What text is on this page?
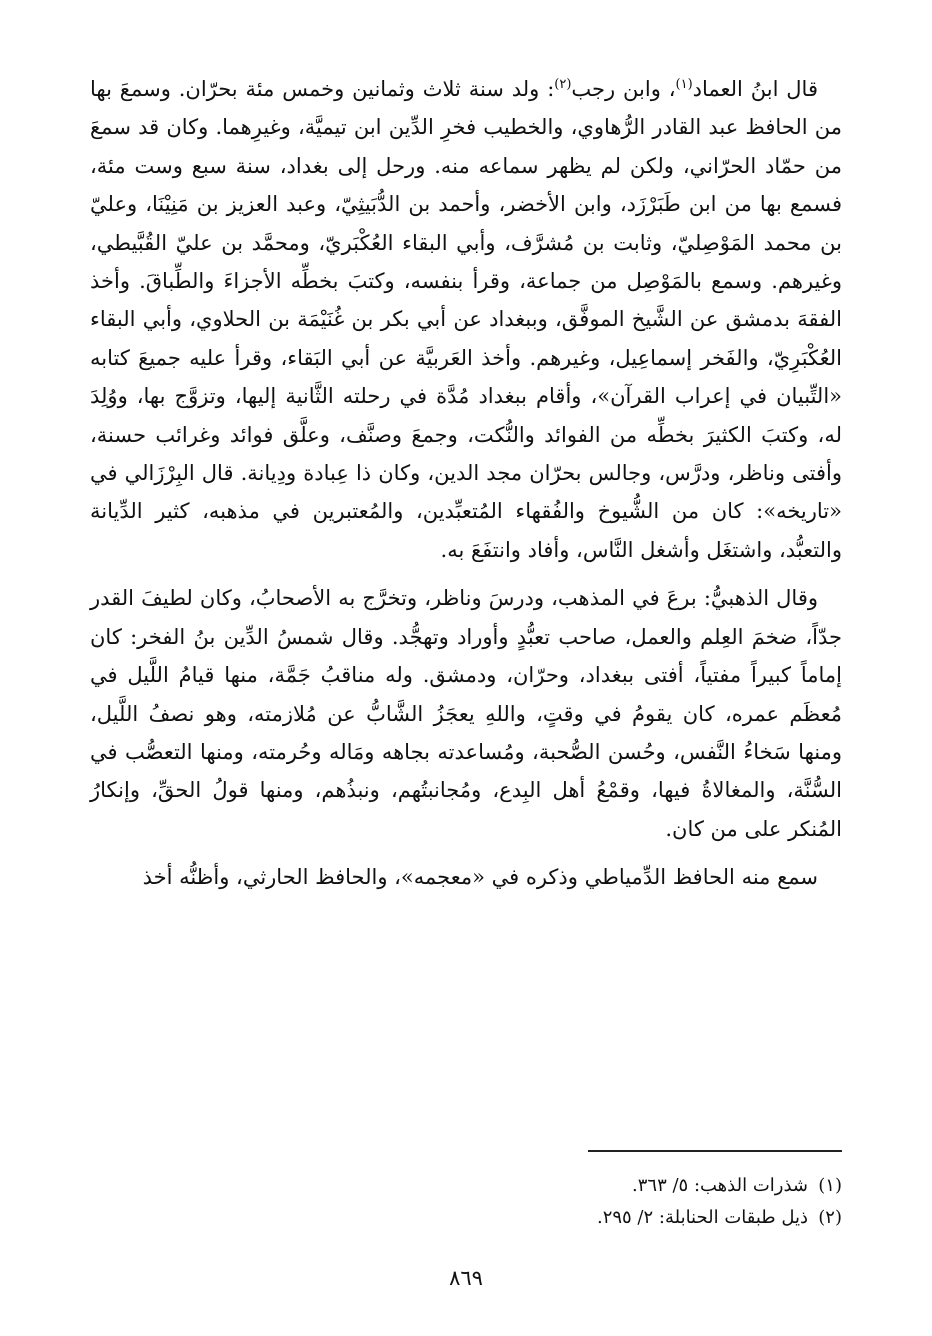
قال ابنُ العماد$^{(١)}$، وابن رجب$^{(٢)}$: ولد سنة ثلاث وثمانين وخمس مئة بحرّان. وسمعَ بها من الحافظ عبد القادر الرُّهاوي، والخطيب فخرِ الدِّين ابن تيميَّة، وغيرِهما. وكان قد سمعَ من حمّاد الحرّاني، ولكن لم يظهر سماعه منه. ورحل إلى بغداد، سنة سبع وست مئة، فسمع بها من ابن طَبَرْزَد، وابن الأخضر، وأحمد بن الدُّبَيثِيّ، وعبد العزيز بن مَنِيْنَا، وعليّ بن محمد المَوْصِليّ، وثابت بن مُشرَّف، وأبي البقاء العُكْبَريّ، ومحمَّد بن عليّ القُبَّيطي، وغيرهم. وسمع بالمَوْصِل من جماعة، وقرأ بنفسه، وكتبَ بخطِّه الأجزاءَ والطِّباقَ. وأخذ الفقهَ بدمشق عن الشَّيخ الموفَّق، وببغداد عن أبي بكر بن غُنَيْمَة بن الحلاوي، وأبي البقاء العُكْبَرِيّ، والفَخر إسماعِيل، وغيرهم. وأخذ العَربيَّة عن أبي البَقاء، وقرأ عليه جميعَ كتابه «التِّبيان في إعراب القرآن»، وأقام ببغداد مُدَّة في رحلته الثَّانية إليها، وتزوَّج بها، ووُلِدَ له، وكتبَ الكثيرَ بخطِّه من الفوائد والنُّكت، وجمعَ وصنَّف، وعلَّق فوائد وغرائب حسنة، وأفتى وناظر، ودرَّس، وجالس بحرّان مجد الدين، وكان ذا عِبادة ودِيانة. قال البِرْزَالي في «تاريخه»: كان من الشُّيوخ والفُقهاء المُتعبِّدين، والمُعتبرين في مذهبه، كثير الدِّيانة والتعبُّد، واشتغَل وأشغل النَّاس، وأفاد وانتفَعَ به.

وقال الذهبيُّ: برعَ في المذهب، ودرسَ وناظر، وتخرَّج به الأصحابُ، وكان لطيفَ القدر جدّاً، ضخمَ العِلم والعمل، صاحب تعبُّدٍ وأوراد وتهجُّد. وقال شمسُ الدِّين بنُ الفخر: كان إماماً كبيراً مفتياً، أفتى ببغداد، وحرّان، ودمشق. وله مناقبُ جَمَّة، منها قيامُ اللَّيل في مُعظَم عمره، كان يقومُ في وقتٍ، واللهِ يعجَزُ الشَّابُّ عن مُلازمته، وهو نصفُ اللَّيل، ومنها سَخاءُ النَّفس، وحُسن الصُّحبة، ومُساعدته بجاهه ومَاله وحُرمته، ومنها التعصُّب في السُّنَّة، والمغالاةُ فيها، وقمْعُ أهل البِدع، ومُجانبتُهم، ونبذُهم، ومنها قولُ الحقِّ، وإنكارُ المُنكر على من كان.

سمع منه الحافظ الدِّمياطي وذكره في «معجمه»، والحافظ الحارثي، وأظنُّه أخذ

(١)شذرات الذهب: ٥/ ٣٦٣.

(٢)ذيل طبقات الحنابلة: ٢/ ٢٩٥.

٨٦٩
